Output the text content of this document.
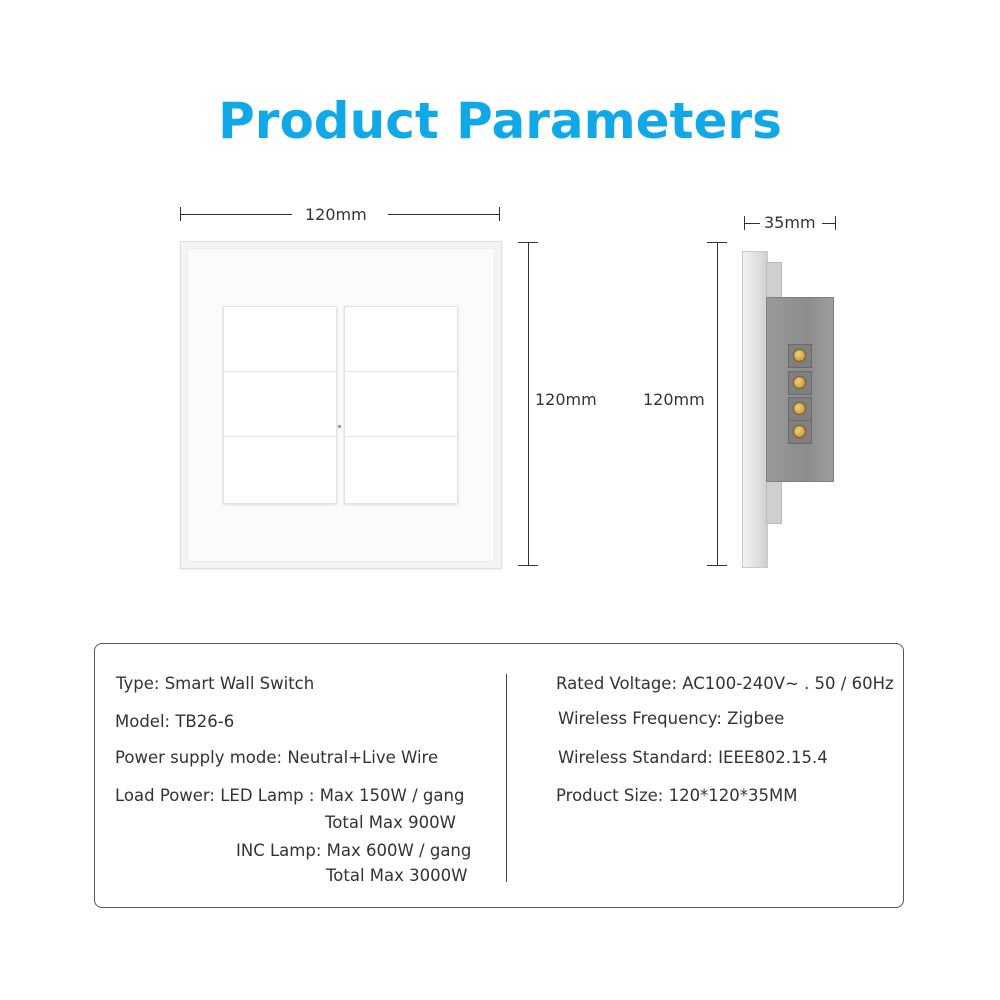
Product Parameters
120mm
120mm
35mm
120mm
Type: Smart Wall Switch
Model: TB26-6
Power supply mode: Neutral+Live Wire
Load Power: LED Lamp : Max 150W / gang
Total Max 900W
INC Lamp: Max 600W / gang
Total Max 3000W
Rated Voltage: AC100-240V~ . 50 / 60Hz
Wireless Frequency: Zigbee
Wireless Standard: IEEE802.15.4
Product Size: 120*120*35MM
